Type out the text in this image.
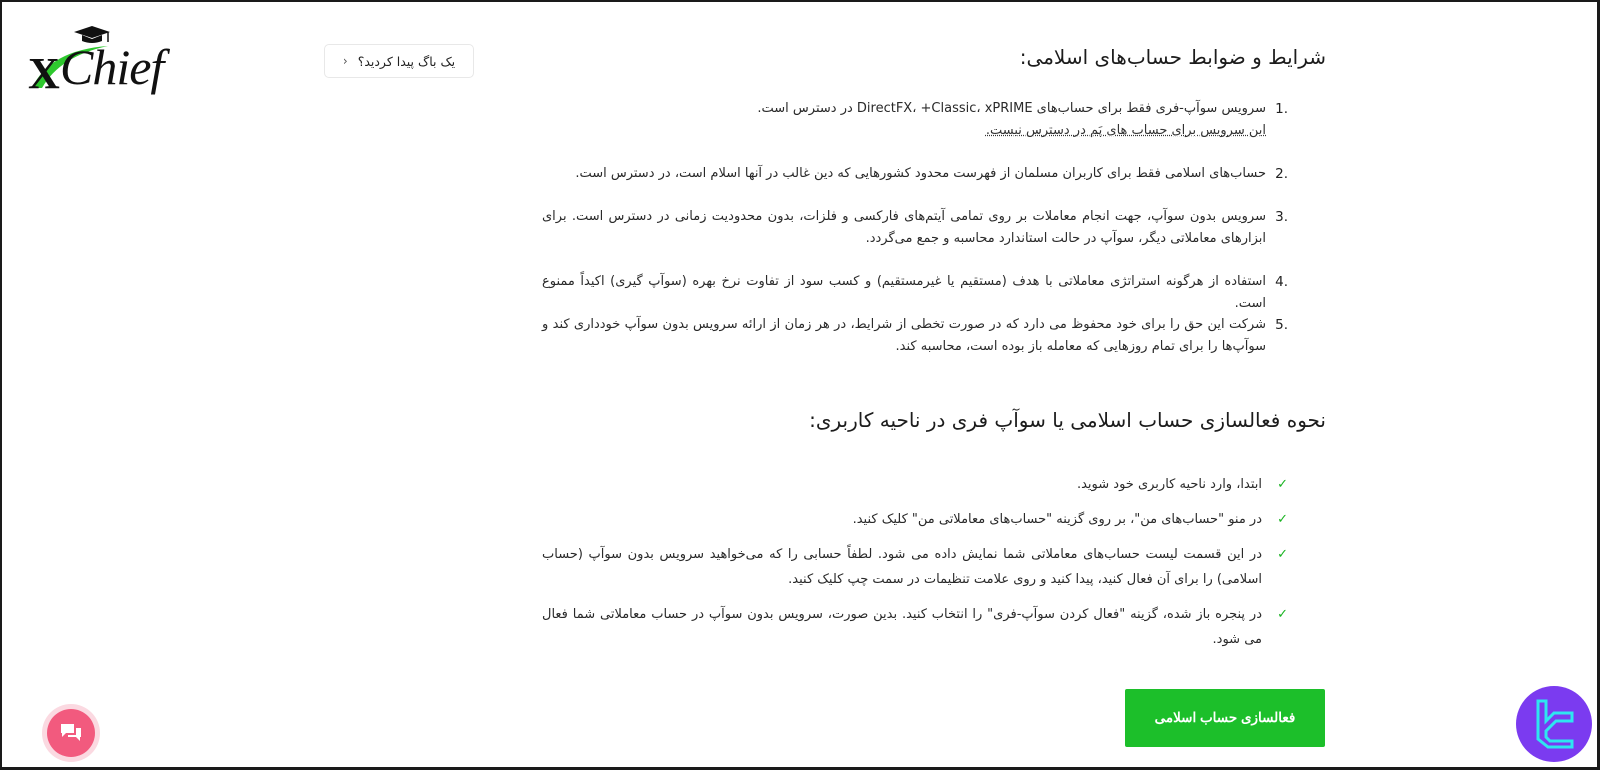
X Chief	یک باگ پیدا کردید؟
‹	شرایط و ضوابط حساب‌های اسلامی:
1.
سرویس سوآپ-فری فقط برای حساب‌های DirectFX، +Classic، xPRIME در دسترس است.
این سرویس برای حساب های پَم در دسترس نیست.
2.
حساب‌های اسلامی فقط برای کاربران مسلمان از فهرست محدود کشورهایی که دین غالب در آنها اسلام است، در دسترس است.
3.
سرویس بدون سوآپ، جهت انجام معاملات بر روی تمامی آیتم‌های فارکسی و فلزات، بدون محدودیت زمانی در دسترس است. برای ابزارهای معاملاتی دیگر، سوآپ در حالت استاندارد محاسبه و جمع می‌گردد.
4.
استفاده از هرگونه استراتژی معاملاتی با هدف (مستقیم یا غیرمستقیم) و کسب سود از تفاوت نرخ بهره (سوآپ گیری) اکیداً ممنوع است.
5.
شرکت این حق را برای خود محفوظ می دارد که در صورت تخطی از شرایط، در هر زمان از ارائه سرویس بدون سوآپ خودداری کند و سوآپ‌ها را برای تمام روزهایی که معامله باز بوده است، محاسبه کند.
نحوه فعالسازی حساب اسلامی یا سوآپ فری در ناحیه کاربری:
✓
ابتدا، وارد ناحیه کاربری خود شوید.
✓
در منو "حساب‌های من"، بر روی گزینه "حساب‌های معاملاتی من" کلیک کنید.
✓
در این قسمت لیست حساب‌های معاملاتی شما نمایش داده می شود. لطفاً حسابی را که می‌خواهید سرویس بدون سوآپ (حساب اسلامی) را برای آن فعال کنید، پیدا کنید و روی علامت تنظیمات در سمت چپ کلیک کنید.
✓
در پنجره باز شده، گزینه "فعال کردن سوآپ-فری" را انتخاب کنید. بدین صورت، سرویس بدون سوآپ در حساب معاملاتی شما فعال می شود.
فعالسازی حساب اسلامی
